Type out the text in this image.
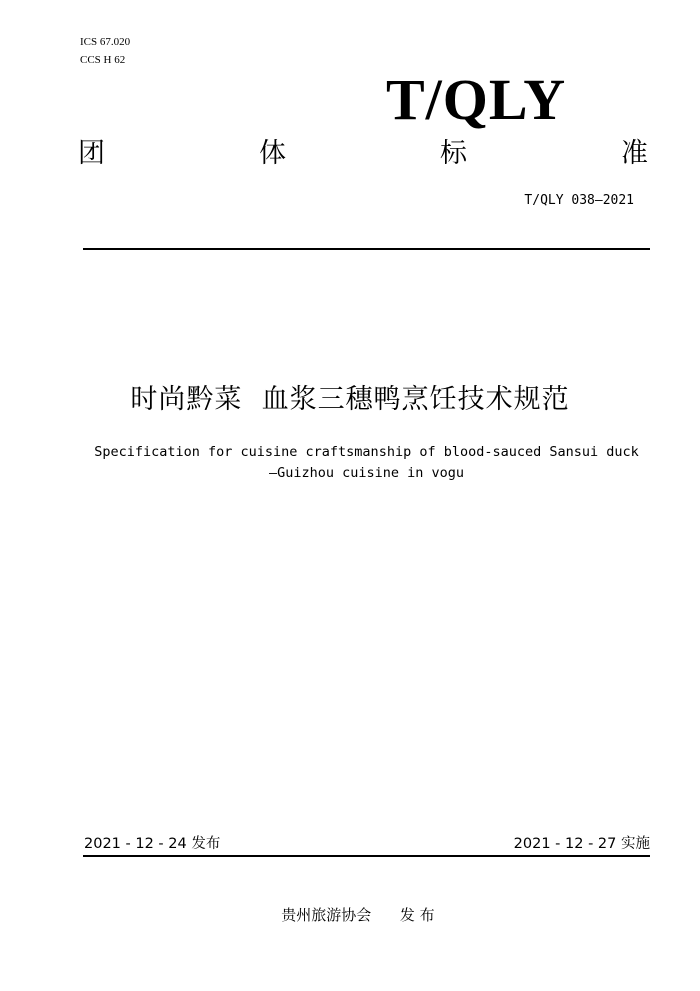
ICS 67.020
CCS H 62
T/QLY
团	体	标	准
T/QLY 038—2021
时尚黔菜  血浆三穗鸭烹饪技术规范
Specification for cuisine craftsmanship of blood-sauced Sansui duck
—Guizhou cuisine in vogu
2021 - 12 - 24 发布	2021 - 12 - 27 实施
贵州旅游协会      发 布
